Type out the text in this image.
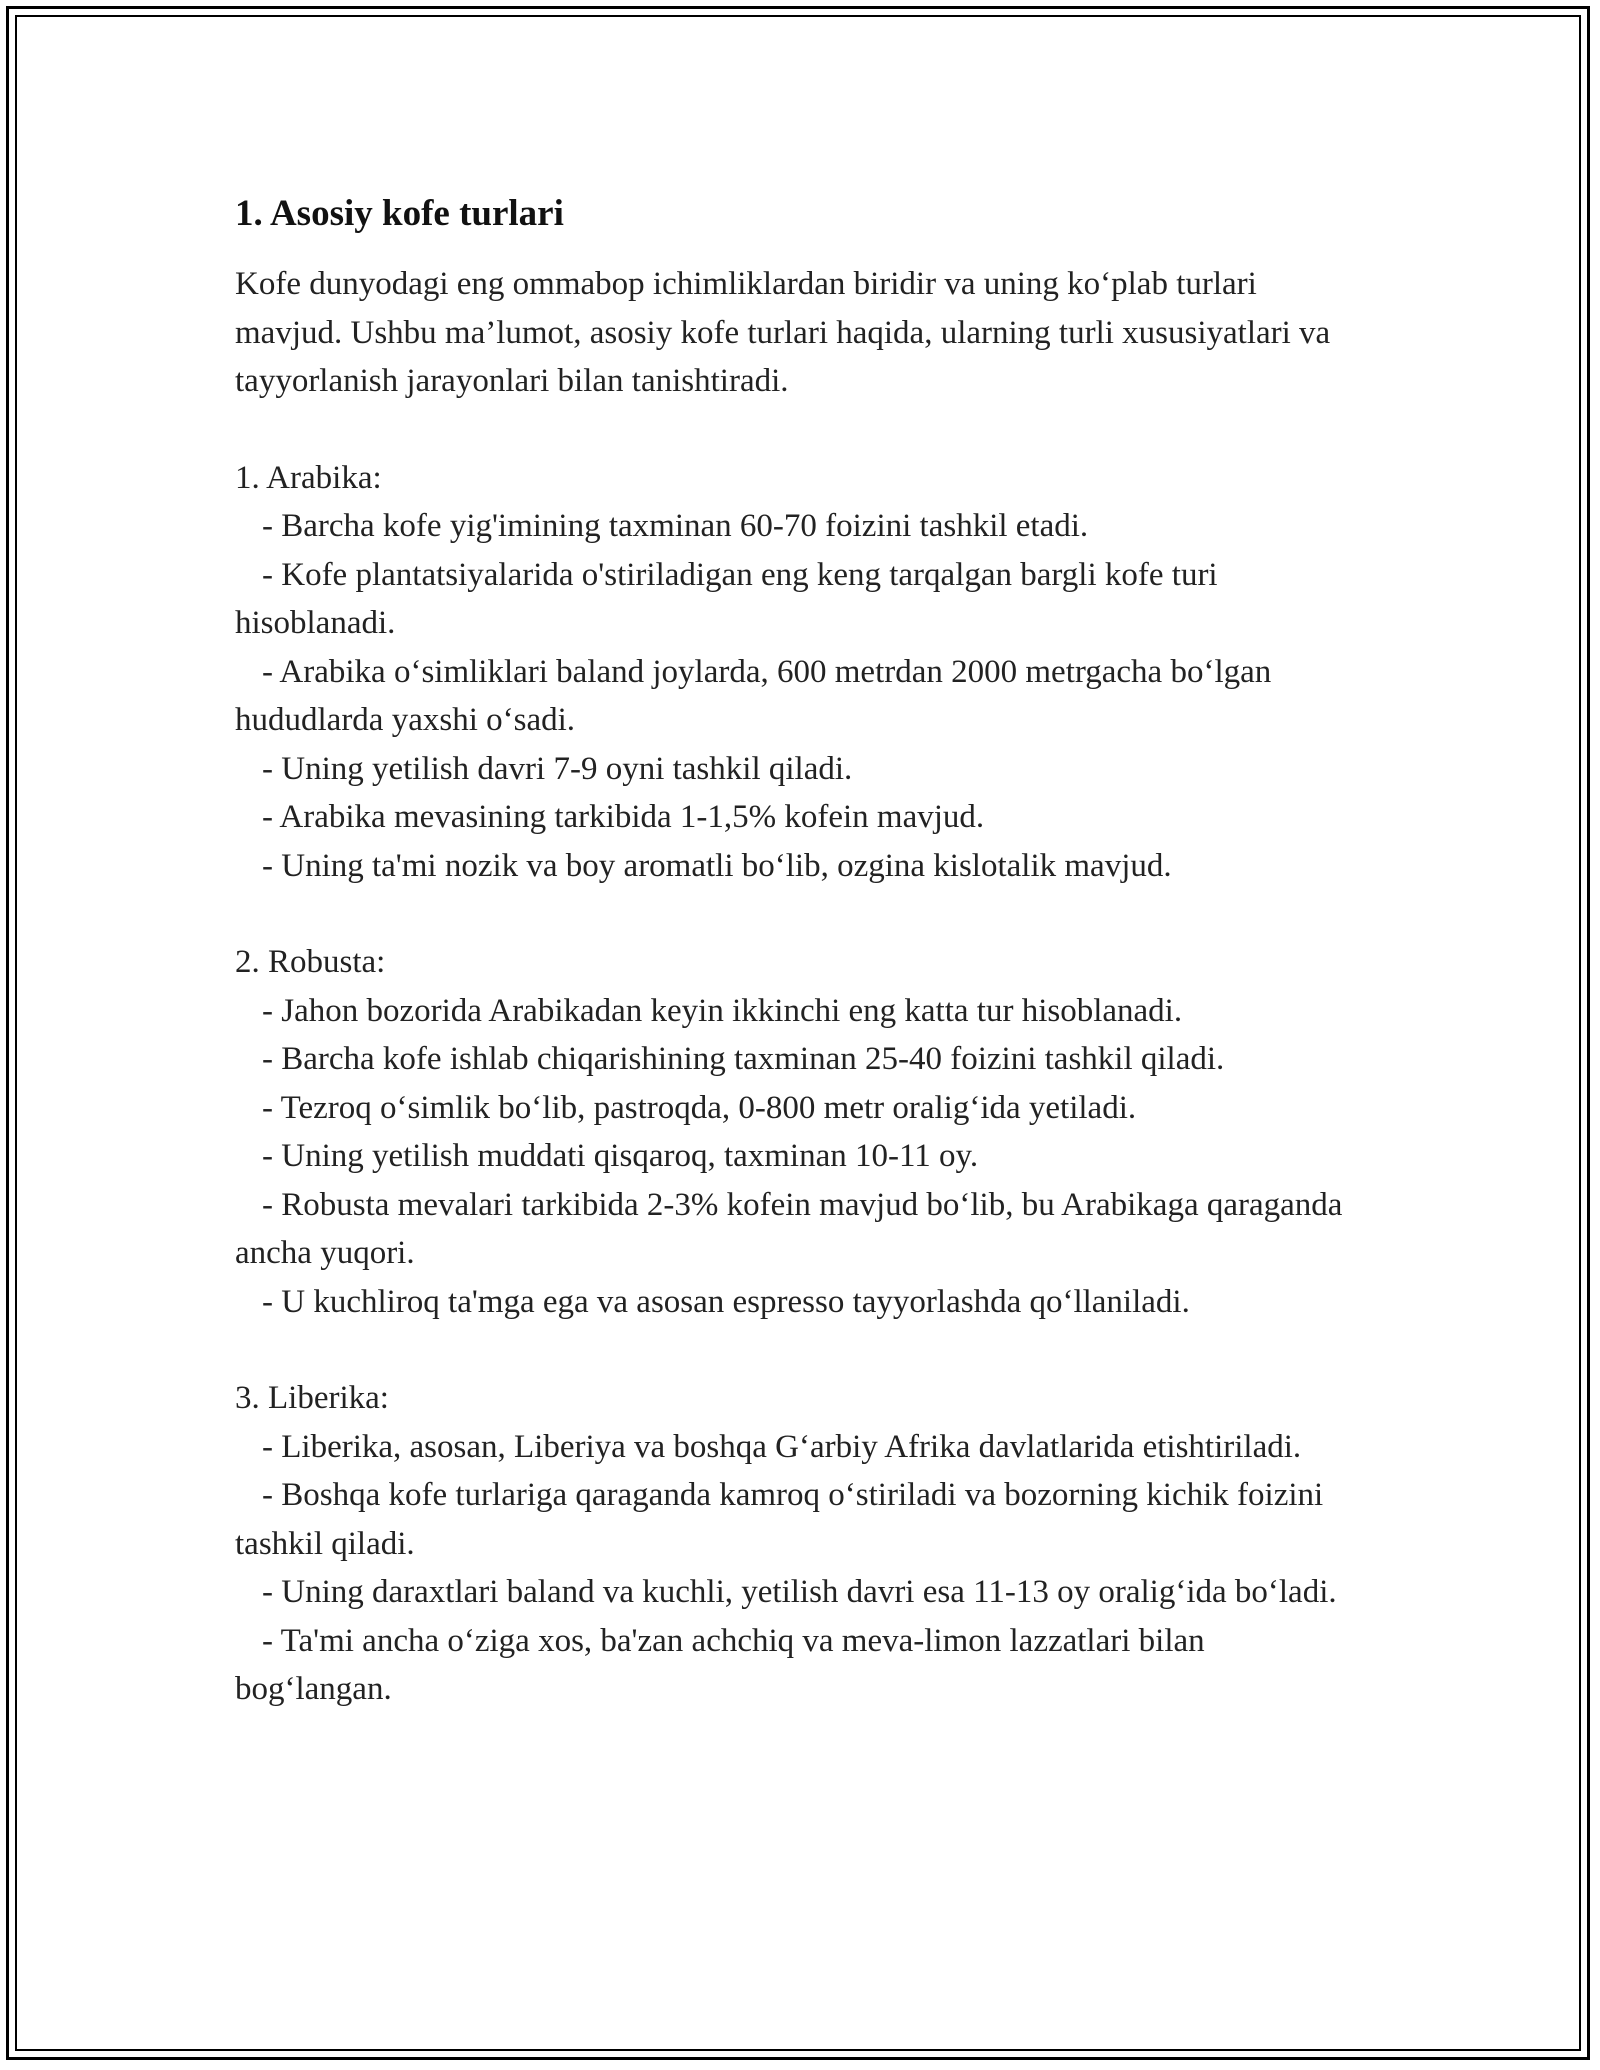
1. Asosiy kofe turlari

Kofe dunyodagi eng ommabop ichimliklardan biridir va uning ko‘plab turlari mavjud. Ushbu ma’lumot, asosiy kofe turlari haqida, ularning turli xususiyatlari va tayyorlanish jarayonlari bilan tanishtiradi.

1. Arabika:

- Barcha kofe yig'imining taxminan 60-70 foizini tashkil etadi.

- Kofe plantatsiyalarida o'stiriladigan eng keng tarqalgan bargli kofe turi hisoblanadi.

- Arabika o‘simliklari baland joylarda, 600 metrdan 2000 metrgacha bo‘lgan hududlarda yaxshi o‘sadi.

- Uning yetilish davri 7-9 oyni tashkil qiladi.

- Arabika mevasining tarkibida 1-1,5% kofein mavjud.

- Uning ta'mi nozik va boy aromatli bo‘lib, ozgina kislotalik mavjud.

2. Robusta:

- Jahon bozorida Arabikadan keyin ikkinchi eng katta tur hisoblanadi.

- Barcha kofe ishlab chiqarishining taxminan 25-40 foizini tashkil qiladi.

- Tezroq o‘simlik bo‘lib, pastroqda, 0-800 metr oralig‘ida yetiladi.

- Uning yetilish muddati qisqaroq, taxminan 10-11 oy.

- Robusta mevalari tarkibida 2-3% kofein mavjud bo‘lib, bu Arabikaga qaraganda ancha yuqori.

- U kuchliroq ta'mga ega va asosan espresso tayyorlashda qo‘llaniladi.

3. Liberika:

- Liberika, asosan, Liberiya va boshqa G‘arbiy Afrika davlatlarida etishtiriladi.

- Boshqa kofe turlariga qaraganda kamroq o‘stiriladi va bozorning kichik foizini tashkil qiladi.

- Uning daraxtlari baland va kuchli, yetilish davri esa 11-13 oy oralig‘ida bo‘ladi.

- Ta'mi ancha o‘ziga xos, ba'zan achchiq va meva-limon lazzatlari bilan bog‘langan.
